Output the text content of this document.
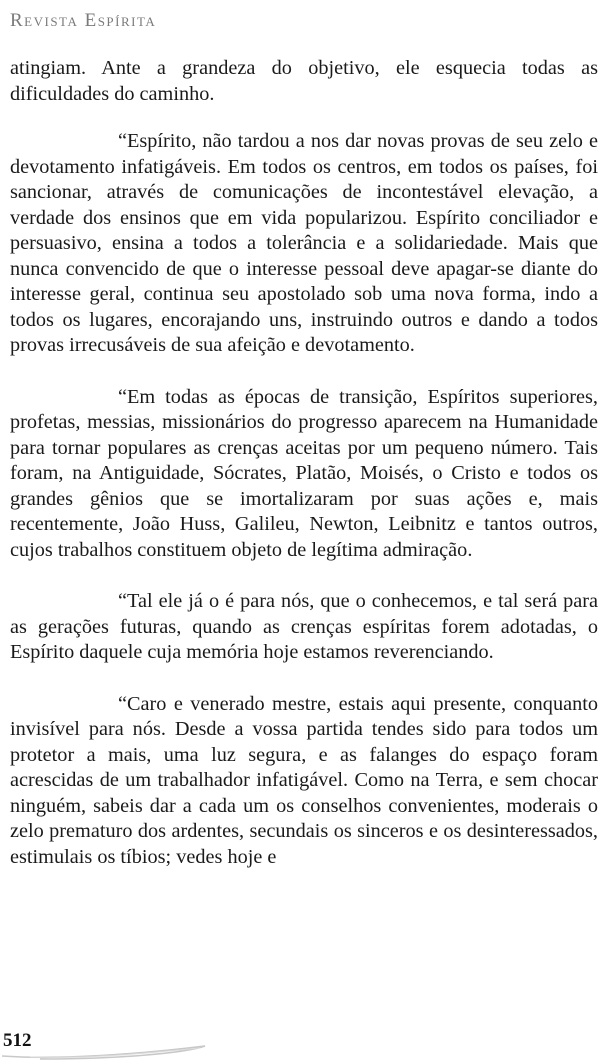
Revista Espírita

atingiam. Ante a grandeza do objetivo, ele esquecia todas as dificuldades do caminho.

“Espírito, não tardou a nos dar novas provas de seu zelo e devotamento infatigáveis. Em todos os centros, em todos os países, foi sancionar, através de comunicações de incontestável elevação, a verdade dos ensinos que em vida popularizou. Espírito conciliador e persuasivo, ensina a todos a tolerância e a solidariedade. Mais que nunca convencido de que o interesse pessoal deve apagar-se diante do interesse geral, continua seu apostolado sob uma nova forma, indo a todos os lugares, encorajando uns, instruindo outros e dando a todos provas irrecusáveis de sua afeição e devotamento.

“Em todas as épocas de transição, Espíritos superiores, profetas, messias, missionários do progresso aparecem na Humanidade para tornar populares as crenças aceitas por um pequeno número. Tais foram, na Antiguidade, Sócrates, Platão, Moisés, o Cristo e todos os grandes gênios que se imortalizaram por suas ações e, mais recentemente, João Huss, Galileu, Newton, Leibnitz e tantos outros, cujos trabalhos constituem objeto de legítima admiração.

“Tal ele já o é para nós, que o conhecemos, e tal será para as gerações futuras, quando as crenças espíritas forem adotadas, o Espírito daquele cuja memória hoje estamos reverenciando.

“Caro e venerado mestre, estais aqui presente, conquanto invisível para nós. Desde a vossa partida tendes sido para todos um protetor a mais, uma luz segura, e as falanges do espaço foram acrescidas de um trabalhador infatigável. Como na Terra, e sem chocar ninguém, sabeis dar a cada um os conselhos convenientes, moderais o zelo prematuro dos ardentes, secundais os sinceros e os desinteressados, estimulais os tíbios; vedes hoje e

512
